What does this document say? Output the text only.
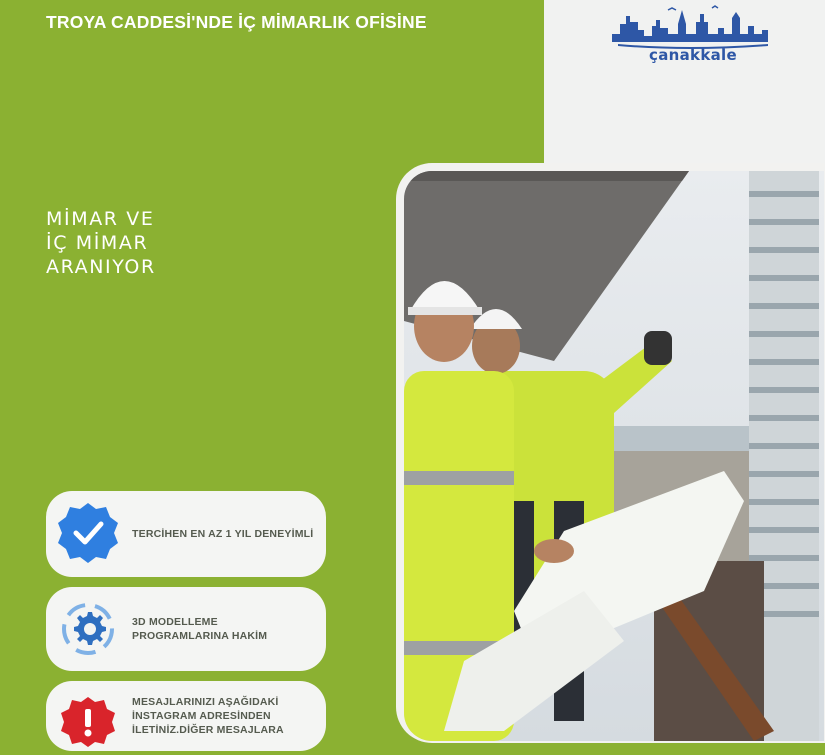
TROYA CADDESİ'NDE İÇ MİMARLIK OFİSİNE
çanakkale
MİMAR VE
İÇ MİMAR
ARANIYOR
TERCİHEN EN AZ 1 YIL DENEYİMLİ
3D MODELLEME
PROGRAMLARINA HAKİM
MESAJLARINIZI AŞAĞIDAKİ
İNSTAGRAM ADRESİNDEN
İLETİNİZ.DİĞER MESAJLARA
